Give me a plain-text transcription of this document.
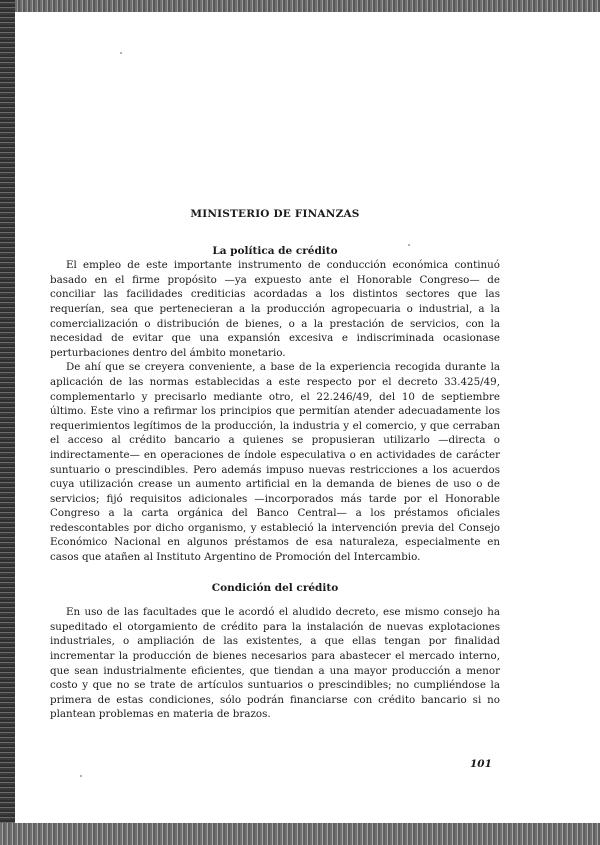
MINISTERIO DE FINANZAS
La política de crédito

El empleo de este importante instrumento de conducción económica continuó basado en el firme propósito —ya expuesto ante el Honorable Congreso— de conciliar las facilidades crediticias acordadas a los distintos sectores que las requerían, sea que pertenecieran a la producción agropecuaria o industrial, a la comercialización o distribución de bienes, o a la prestación de servicios, con la necesidad de evitar que una expansión excesiva e indiscriminada ocasionase perturbaciones dentro del ámbito monetario.

De ahí que se creyera conveniente, a base de la experiencia recogida durante la aplicación de las normas establecidas a este respecto por el decreto 33.425/49, complementarlo y precisarlo mediante otro, el 22.246/49, del 10 de septiembre último. Este vino a refirmar los principios que permitían atender adecuadamente los requerimientos legítimos de la producción, la industria y el comercio, y que cerraban el acceso al crédito bancario a quienes se propusieran utilizarlo —directa o indirectamente— en operaciones de índole especulativa o en actividades de carácter suntuario o prescindibles. Pero además impuso nuevas restricciones a los acuerdos cuya utilización crease un aumento artificial en la demanda de bienes de uso o de servicios; fijó requisitos adicionales —incorporados más tarde por el Honorable Congreso a la carta orgánica del Banco Central— a los préstamos oficiales redescontables por dicho organismo, y estableció la intervención previa del Consejo Económico Nacional en algunos préstamos de esa naturaleza, especialmente en casos que atañen al Instituto Argentino de Promoción del Intercambio.

Condición del crédito

En uso de las facultades que le acordó el aludido decreto, ese mismo consejo ha supeditado el otorgamiento de crédito para la instalación de nuevas explotaciones industriales, o ampliación de las existentes, a que ellas tengan por finalidad incrementar la producción de bienes necesarios para abastecer el mercado interno, que sean industrialmente eficientes, que tiendan a una mayor producción a menor costo y que no se trate de artículos suntuarios o prescindibles; no cumpliéndose la primera de estas condiciones, sólo podrán financiarse con crédito bancario si no plantean problemas en materia de brazos.

101
